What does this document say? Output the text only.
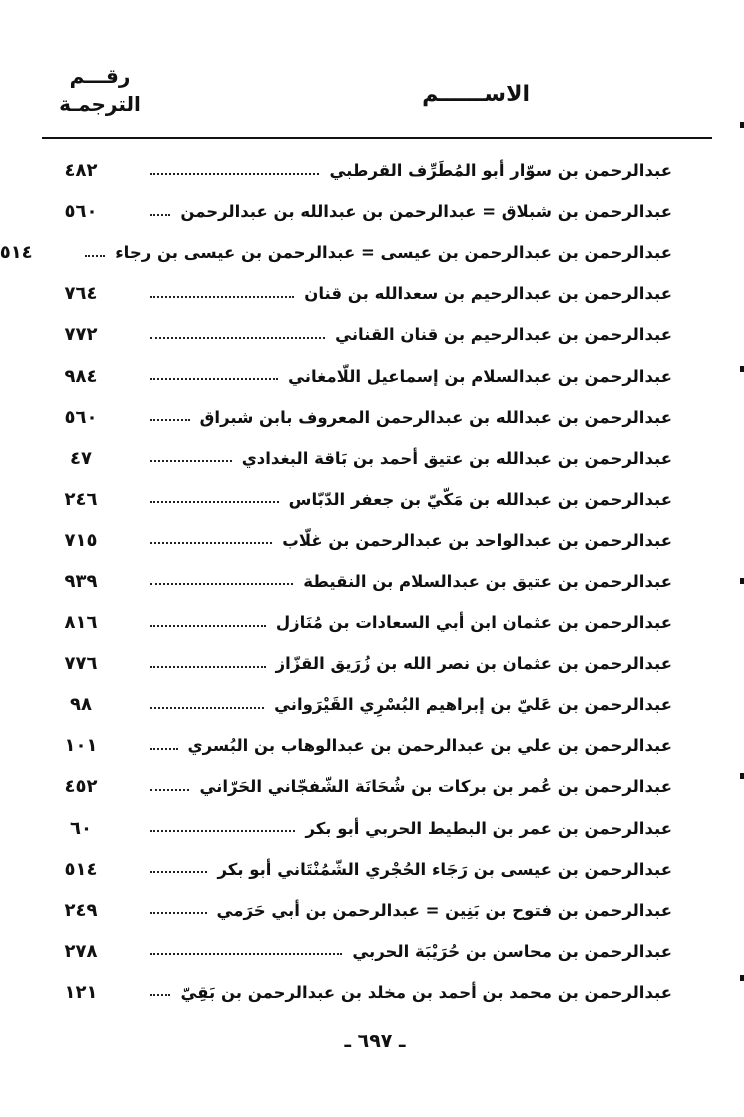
الاســــــم
رقـــم
الترجمـة
عبدالرحمن بن سوّار أبو المُطَرِّف القرطبي
٤٨٢
عبدالرحمن بن شبلاق = عبدالرحمن بن عبدالله بن عبدالرحمن
٥٦٠
عبدالرحمن بن عبدالرحمن بن عيسى = عبدالرحمن بن عيسى بن رجاء
٥١٤
عبدالرحمن بن عبدالرحيم بن سعدالله بن قنان
٧٦٤
عبدالرحمن بن عبدالرحيم بن قنان القناني
٧٧٢
عبدالرحمن بن عبدالسلام بن إسماعيل اللّامغاني
٩٨٤
عبدالرحمن بن عبدالله بن عبدالرحمن المعروف بابن شبراق
٥٦٠
عبدالرحمن بن عبدالله بن عتيق أحمد بن بَاقة البغدادي
٤٧
عبدالرحمن بن عبدالله بن مَكّيّ بن جعفر الدّبّاس
٢٤٦
عبدالرحمن بن عبدالواحد بن عبدالرحمن بن غلّاب
٧١٥
عبدالرحمن بن عتيق بن عبدالسلام بن النقيطة
٩٣٩
عبدالرحمن بن عثمان ابن أبي السعادات بن مُنَازل
٨١٦
عبدالرحمن بن عثمان بن نصر الله بن زُرَيق القزّاز
٧٧٦
عبدالرحمن بن عَليّ بن إبراهيم البُسْرِي القَيْرَواني
٩٨
عبدالرحمن بن علي بن عبدالرحمن بن عبدالوهاب بن البُسري
١٠١
عبدالرحمن بن عُمر بن بركات بن شُحَانَة الشّفجّاني الحَرّاني
٤٥٢
عبدالرحمن بن عمر بن البطيط الحربي أبو بكر
٦٠
عبدالرحمن بن عيسى بن رَجَاء الحُجْري الشّمُنْتَاني أبو بكر
٥١٤
عبدالرحمن بن فتوح بن بَنِين = عبدالرحمن بن أبي حَرَمي
٢٤٩
عبدالرحمن بن محاسن بن حُرَيْبَة الحربي
٢٧٨
عبدالرحمن بن محمد بن أحمد بن مخلد بن عبدالرحمن بن بَقِيّ
١٢١
ـ ٦٩٧ ـ
